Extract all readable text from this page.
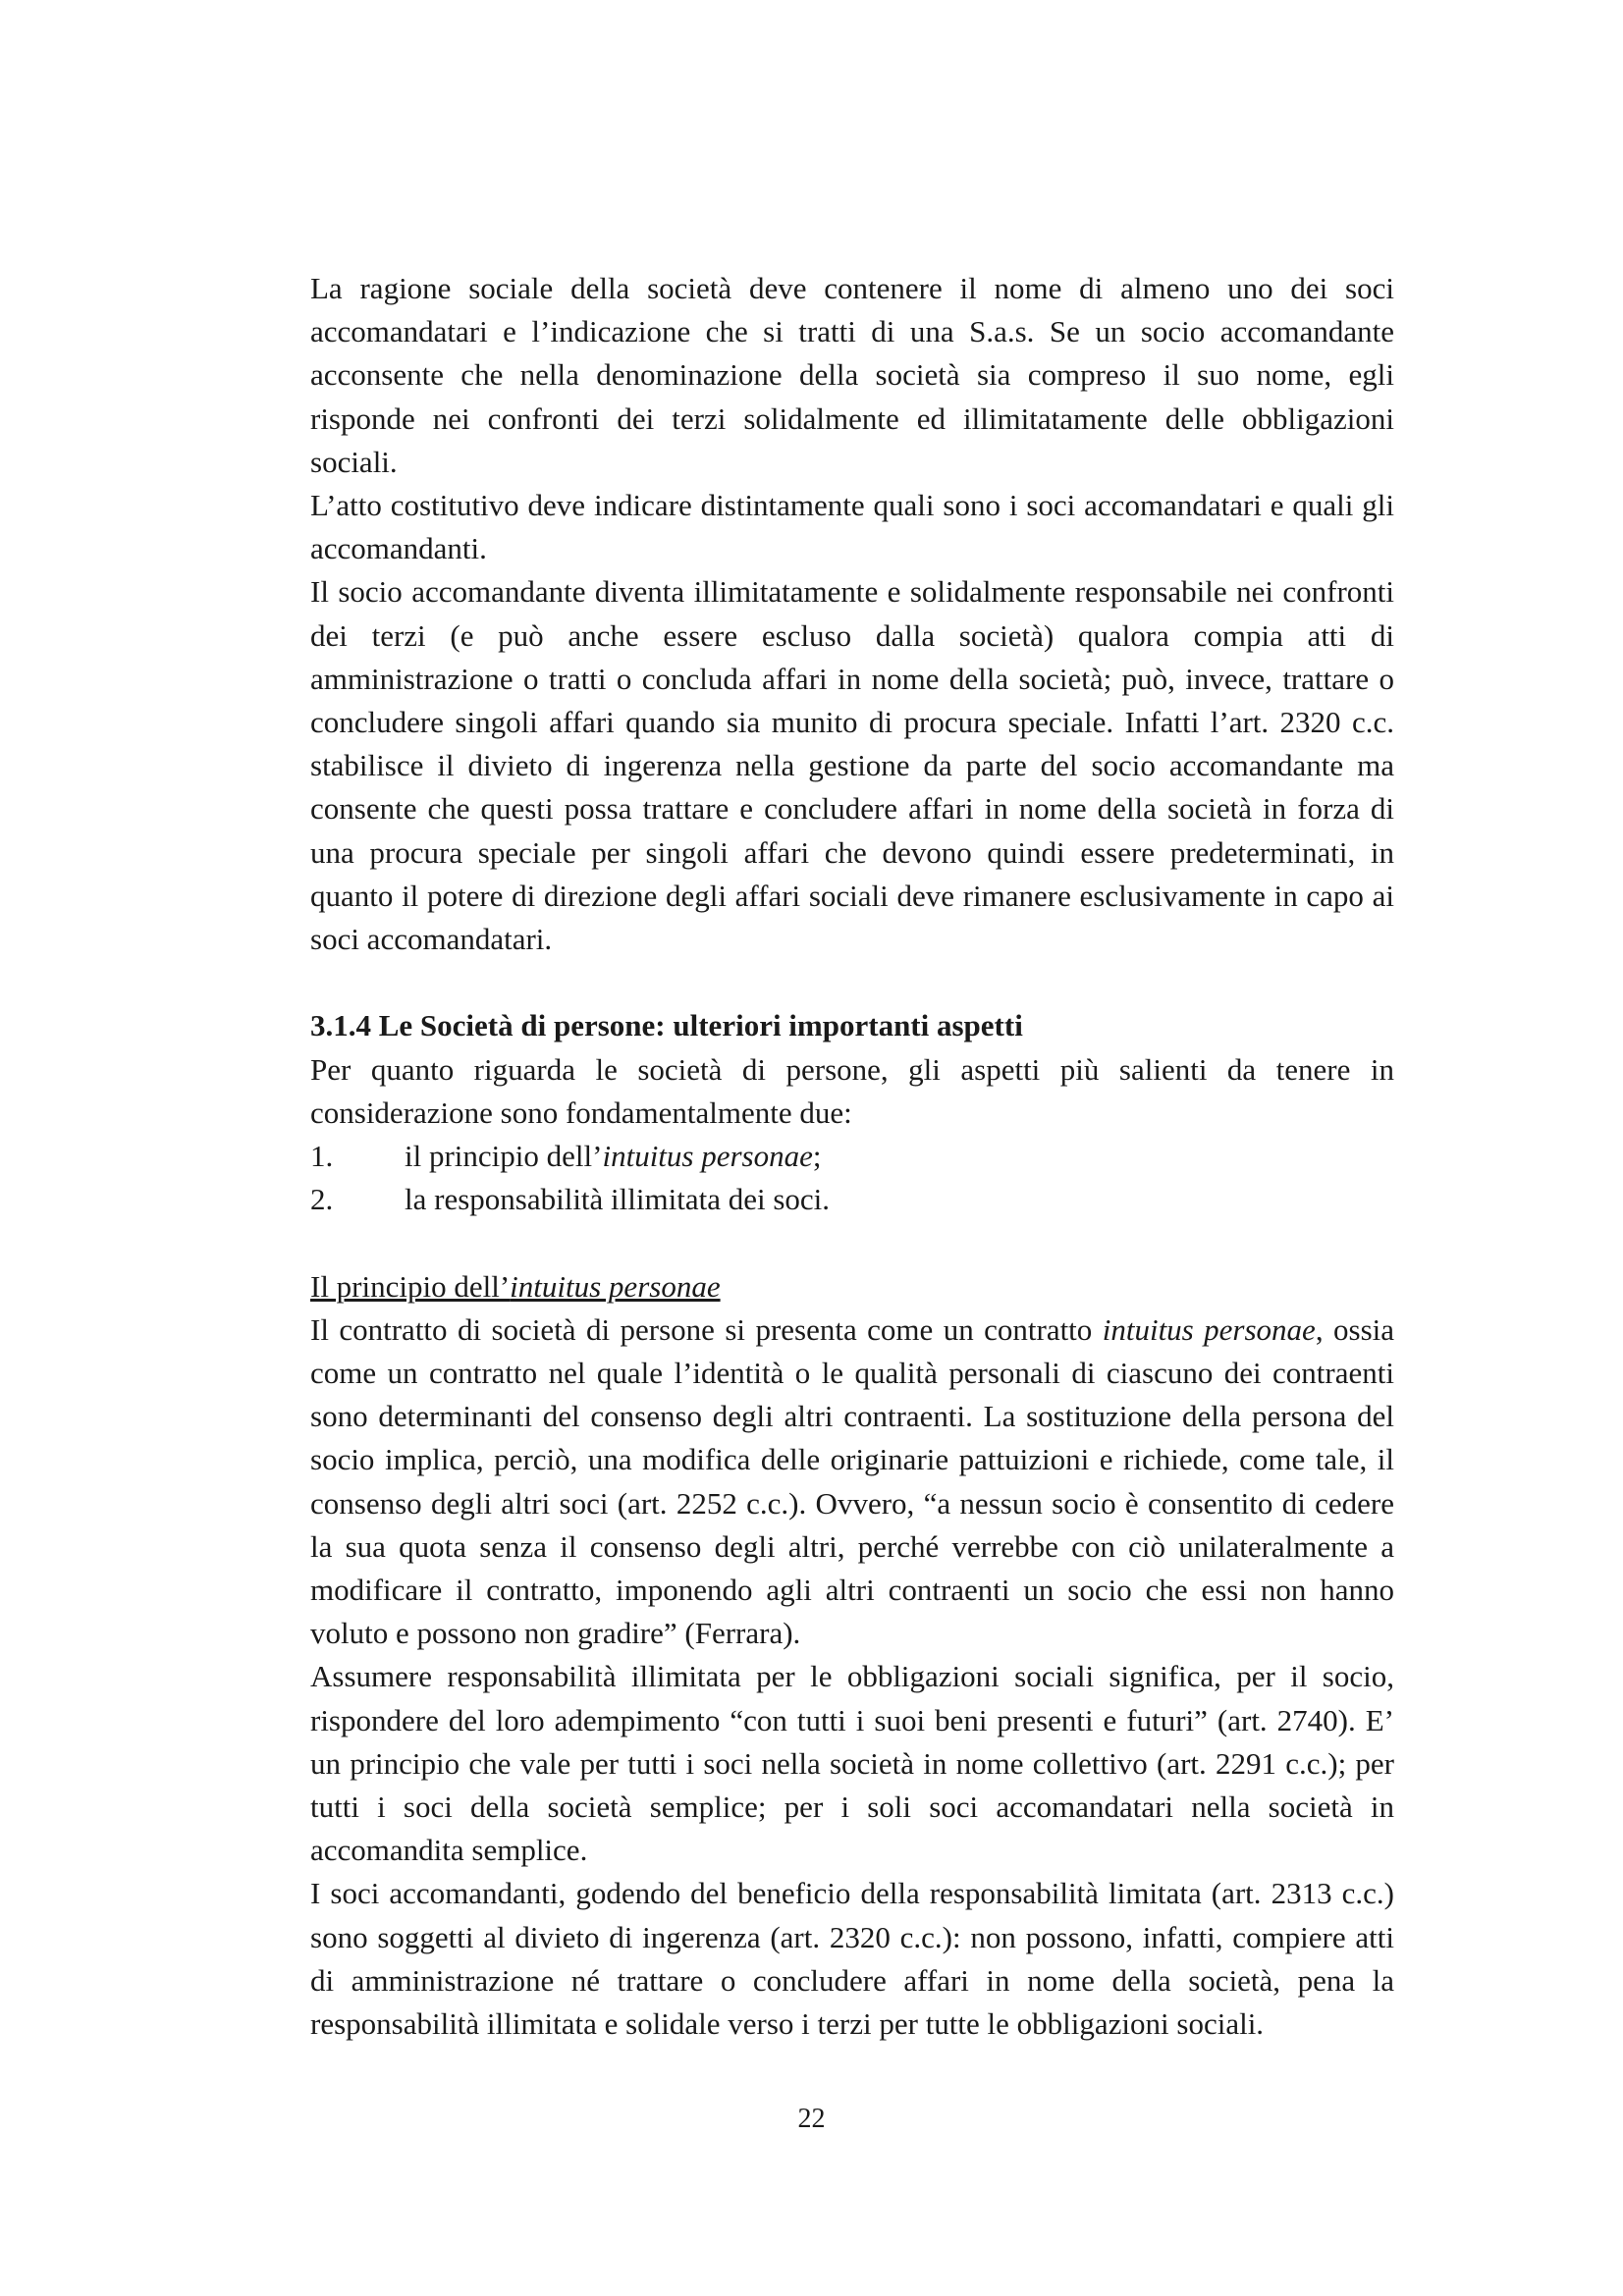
La ragione sociale della società deve contenere il nome di almeno uno dei soci accomandatari e l’indicazione che si tratti di una S.a.s. Se un socio accomandante acconsente che nella denominazione della società sia compreso il suo nome, egli risponde nei confronti dei terzi solidalmente ed illimitatamente delle obbligazioni sociali.

L’atto costitutivo deve indicare distintamente quali sono i soci accomandatari e quali gli accomandanti.

Il socio accomandante diventa illimitatamente e solidalmente responsabile nei confronti dei terzi (e può anche essere escluso dalla società) qualora compia atti di amministrazione o tratti o concluda affari in nome della società; può, invece, trattare o concludere singoli affari quando sia munito di procura speciale. Infatti l’art. 2320 c.c. stabilisce il divieto di ingerenza nella gestione da parte del socio accomandante ma consente che questi possa trattare e concludere affari in nome della società in forza di una procura speciale per singoli affari che devono quindi essere predeterminati, in quanto il potere di direzione degli affari sociali deve rimanere esclusivamente in capo ai soci accomandatari.

3.1.4 Le Società di persone: ulteriori importanti aspetti

Per quanto riguarda le società di persone, gli aspetti più salienti da tenere in considerazione sono fondamentalmente due:

1.	il principio dell’intuitus personae;
2.	la responsabilità illimitata dei soci.

Il principio dell’intuitus personae

Il contratto di società di persone si presenta come un contratto intuitus personae, ossia come un contratto nel quale l’identità o le qualità personali di ciascuno dei contraenti sono determinanti del consenso degli altri contraenti. La sostituzione della persona del socio implica, perciò, una modifica delle originarie pattuizioni e richiede, come tale, il consenso degli altri soci (art. 2252 c.c.). Ovvero, “a nessun socio è consentito di cedere la sua quota senza il consenso degli altri, perché verrebbe con ciò unilateralmente a modificare il contratto, imponendo agli altri contraenti un socio che essi non hanno voluto e possono non gradire” (Ferrara).

Assumere responsabilità illimitata per le obbligazioni sociali significa, per il socio, rispondere del loro adempimento “con tutti i suoi beni presenti e futuri” (art. 2740). E’ un principio che vale per tutti i soci nella società in nome collettivo (art. 2291 c.c.); per tutti i soci della società semplice; per i soli soci accomandatari nella società in accomandita semplice.

I soci accomandanti, godendo del beneficio della responsabilità limitata (art. 2313 c.c.) sono soggetti al divieto di ingerenza (art. 2320 c.c.): non possono, infatti, compiere atti di amministrazione né trattare o concludere affari in nome della società, pena la responsabilità illimitata e solidale verso i terzi per tutte le obbligazioni sociali.

22
